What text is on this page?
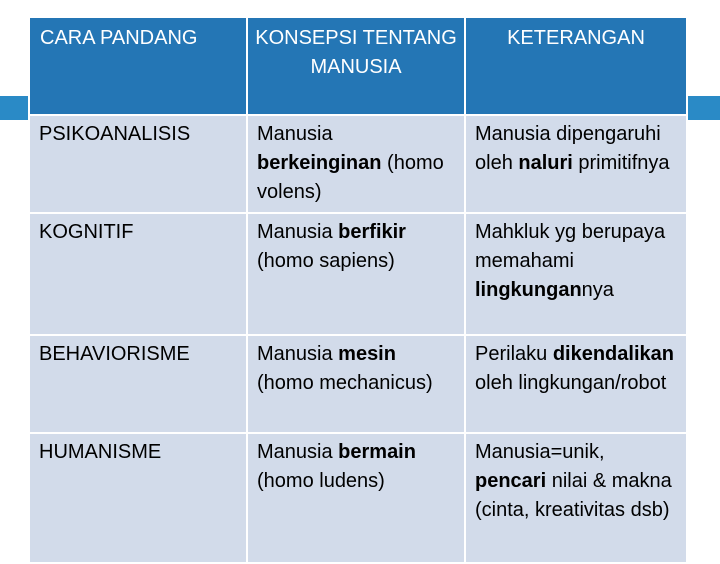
CARA PANDANG	KONSEPSI TENTANG MANUSIA	KETERANGAN
PSIKOANALISIS	Manusia berkeinginan (homo volens)	Manusia dipengaruhi oleh naluri primitifnya
KOGNITIF	Manusia berfikir (homo sapiens)	Mahkluk yg berupaya memahami lingkungannya
BEHAVIORISME	Manusia mesin (homo mechanicus)	Perilaku dikendalikan oleh lingkungan/robot
HUMANISME	Manusia bermain (homo ludens)	Manusia=unik, pencari nilai & makna (cinta, kreativitas dsb)
